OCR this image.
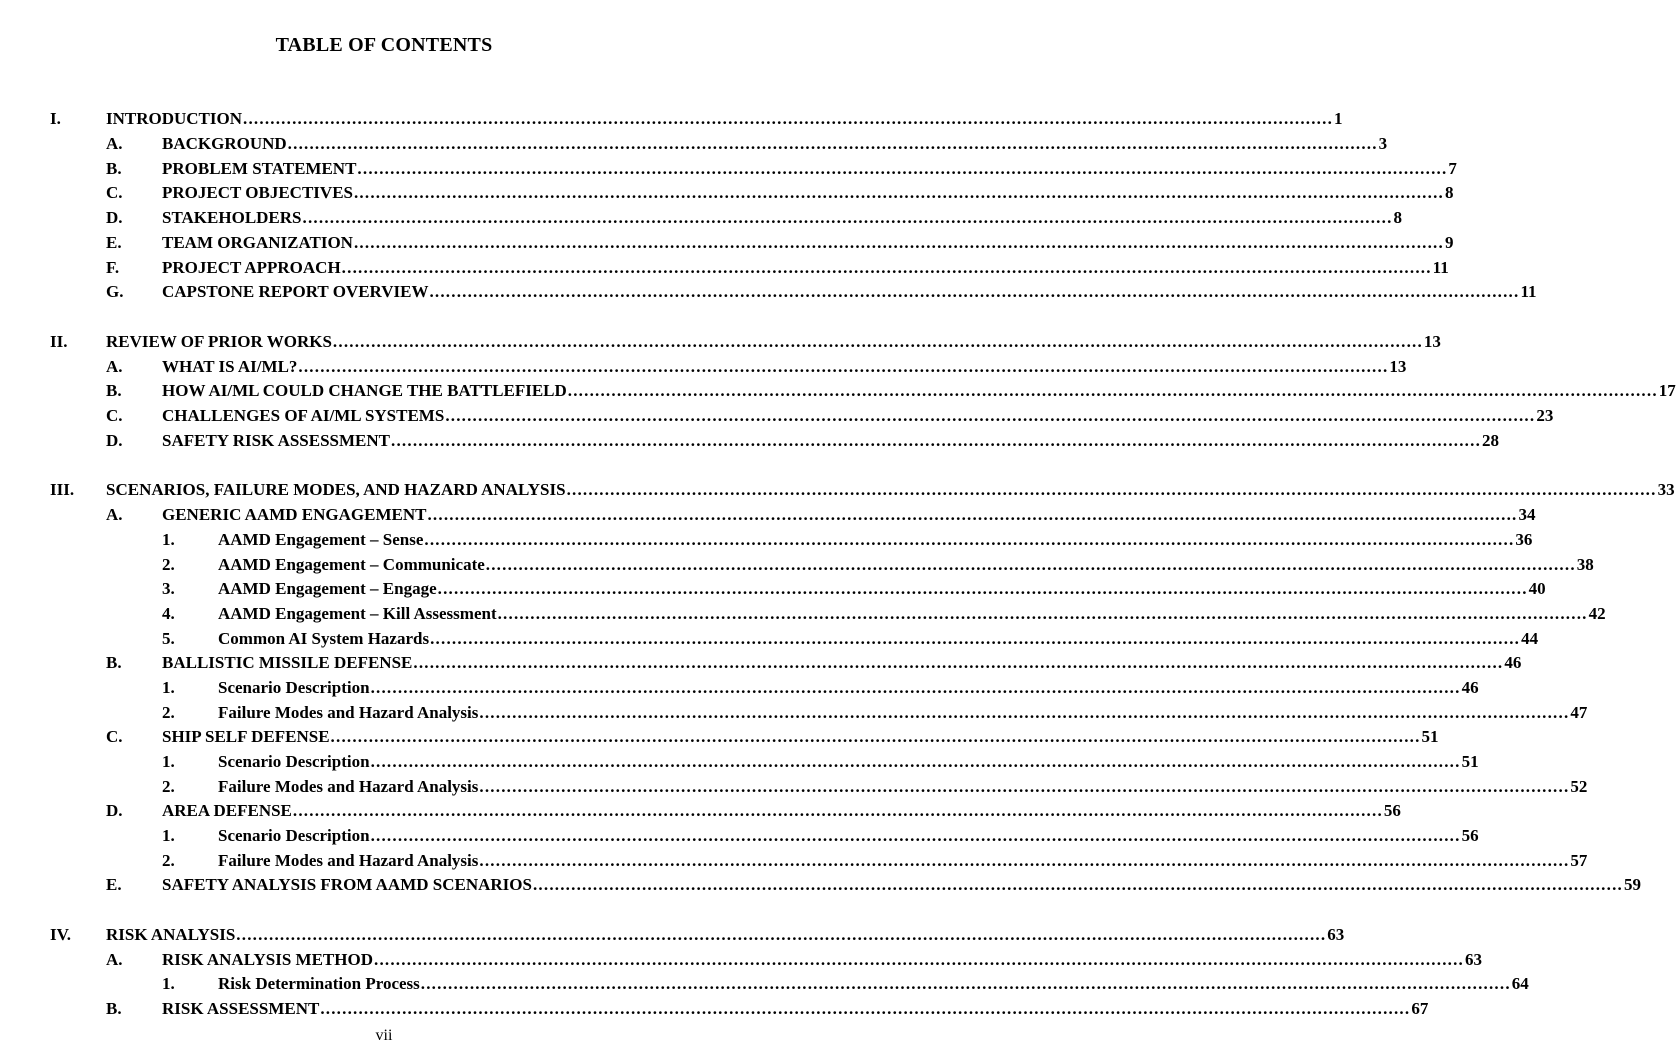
TABLE OF CONTENTS
I.	INTRODUCTION ........................................................................................................................................................................................................ 1
A. BACKGROUND ........................................................................................................................................................................................................ 3
B. PROBLEM STATEMENT ........................................................................................................................................................................................................ 7
C. PROJECT OBJECTIVES ........................................................................................................................................................................................................ 8
D. STAKEHOLDERS ........................................................................................................................................................................................................ 8
E. TEAM ORGANIZATION ........................................................................................................................................................................................................ 9
F.	PROJECT APPROACH ........................................................................................................................................................................................................ 11
G. CAPSTONE REPORT OVERVIEW ........................................................................................................................................................................................................ 11
II. REVIEW OF PRIOR WORKS ........................................................................................................................................................................................................ 13
A. WHAT IS AI/ML? ........................................................................................................................................................................................................ 13
B. HOW AI/ML COULD CHANGE THE BATTLEFIELD ........................................................................................................................................................................................................ 17
C. CHALLENGES OF AI/ML SYSTEMS ........................................................................................................................................................................................................ 23
D. SAFETY RISK ASSESSMENT ........................................................................................................................................................................................................ 28
III. SCENARIOS, FAILURE MODES, AND HAZARD ANALYSIS ........................................................................................................................................................................................................ 33
A. GENERIC AAMD ENGAGEMENT ........................................................................................................................................................................................................ 34
1.	AAMD Engagement – Sense ........................................................................................................................................................................................................ 36
2.	AAMD Engagement – Communicate ........................................................................................................................................................................................................ 38
3.	AAMD Engagement – Engage ........................................................................................................................................................................................................ 40
4.	AAMD Engagement – Kill Assessment ........................................................................................................................................................................................................ 42
5.	Common AI System Hazards ........................................................................................................................................................................................................ 44
B. BALLISTIC MISSILE DEFENSE ........................................................................................................................................................................................................ 46
1.	Scenario Description ........................................................................................................................................................................................................ 46
2.	Failure Modes and Hazard Analysis ........................................................................................................................................................................................................ 47
C. SHIP SELF DEFENSE ........................................................................................................................................................................................................ 51
1.	Scenario Description ........................................................................................................................................................................................................ 51
2.	Failure Modes and Hazard Analysis ........................................................................................................................................................................................................ 52
D. AREA DEFENSE ........................................................................................................................................................................................................ 56
1.	Scenario Description ........................................................................................................................................................................................................ 56
2.	Failure Modes and Hazard Analysis ........................................................................................................................................................................................................ 57
E. SAFETY ANALYSIS FROM AAMD SCENARIOS ........................................................................................................................................................................................................ 59
IV. RISK ANALYSIS ........................................................................................................................................................................................................ 63
A. RISK ANALYSIS METHOD ........................................................................................................................................................................................................ 63
1.	Risk Determination Process ........................................................................................................................................................................................................ 64
B. RISK ASSESSMENT ........................................................................................................................................................................................................ 67
vii
